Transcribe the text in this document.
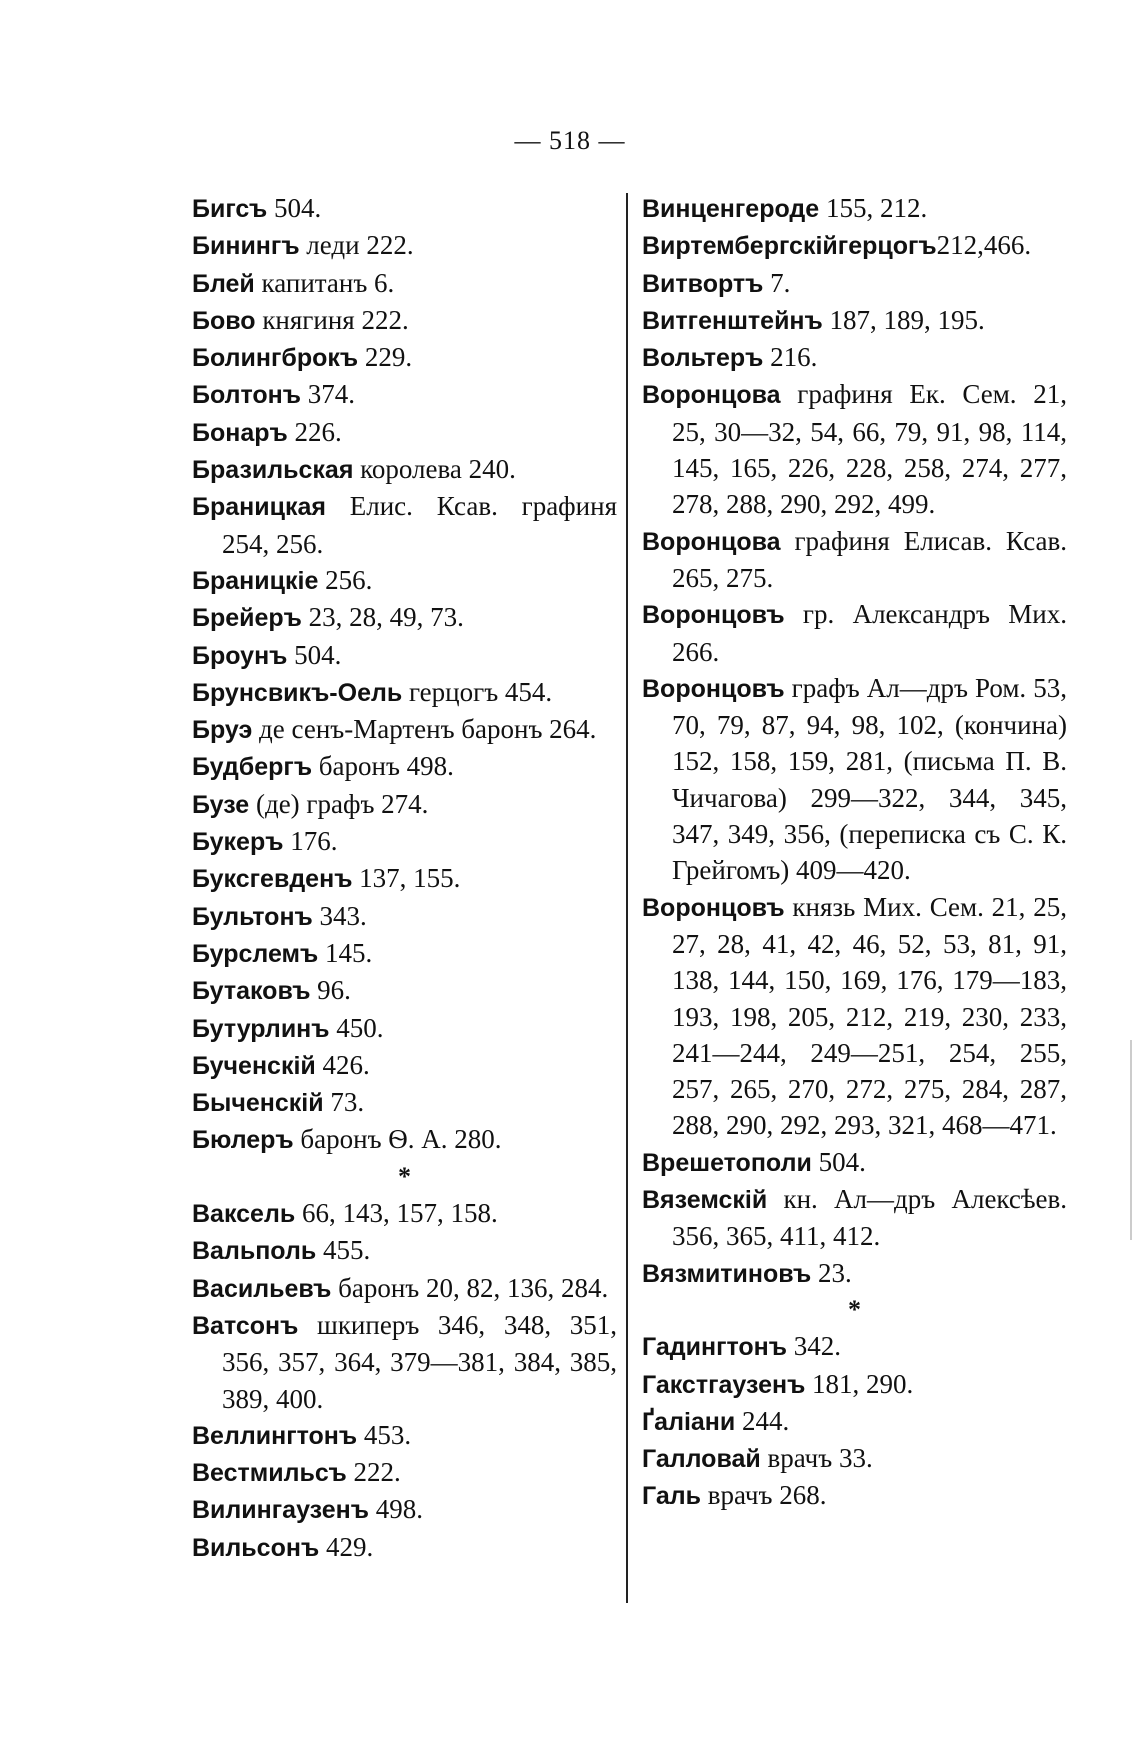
— 518 —

Бигсъ 504.

Бинингъ леди 222.

Блей капитанъ 6.

Бово княгиня 222.

Болингброкъ 229.

Болтонъ 374.

Бонаръ 226.

Бразильская королева 240.

Браницкая Елис. Ксав. графиня 254, 256.

Браницкіе 256.

Брейеръ 23, 28, 49, 73.

Броунъ 504.

Брунсвикъ-Оель герцогъ 454.

Бруэ де сенъ-Мартенъ баронъ 264.

Будбергъ баронъ 498.

Бузе (де) графъ 274.

Букеръ 176.

Буксгевденъ 137, 155.

Бультонъ 343.

Бурслемъ 145.

Бутаковъ 96.

Бутурлинъ 450.

Бученскій 426.

Быченскій 73.

Бюлеръ баронъ Ѳ. А. 280.

*

Ваксель 66, 143, 157, 158.

Вальполь 455.

Васильевъ баронъ 20, 82, 136, 284.

Ватсонъ шкиперъ 346, 348, 351, 356, 357, 364, 379—381, 384, 385, 389, 400.

Веллингтонъ 453.

Вестмильсъ 222.

Вилингаузенъ 498.

Вильсонъ 429.

Винценгероде 155, 212.

Виртембергскійгерцогъ212,466.

Витвортъ 7.

Витгенштейнъ 187, 189, 195.

Вольтеръ 216.

Воронцова графиня Ек. Сем. 21, 25, 30—32, 54, 66, 79, 91, 98, 114, 145, 165, 226, 228, 258, 274, 277, 278, 288, 290, 292, 499.

Воронцова графиня Елисав. Ксав. 265, 275.

Воронцовъ гр. Александръ Мих. 266.

Воронцовъ графъ Ал—дръ Ром. 53, 70, 79, 87, 94, 98, 102, (кончина) 152, 158, 159, 281, (письма П. В. Чичагова) 299—322, 344, 345, 347, 349, 356, (переписка съ С. К. Грейгомъ) 409—420.

Воронцовъ князь Мих. Сем. 21, 25, 27, 28, 41, 42, 46, 52, 53, 81, 91, 138, 144, 150, 169, 176, 179—183, 193, 198, 205, 212, 219, 230, 233, 241—244, 249—251, 254, 255, 257, 265, 270, 272, 275, 284, 287, 288, 290, 292, 293, 321, 468—471.

Врешетополи 504.

Вяземскій кн. Ал—дръ Алексѣев. 356, 365, 411, 412.

Вязмитиновъ 23.

*

Гадингтонъ 342.

Гакстгаузенъ 181, 290.

Ґаліани 244.

Галловай врачъ 33.

Галь врачъ 268.
